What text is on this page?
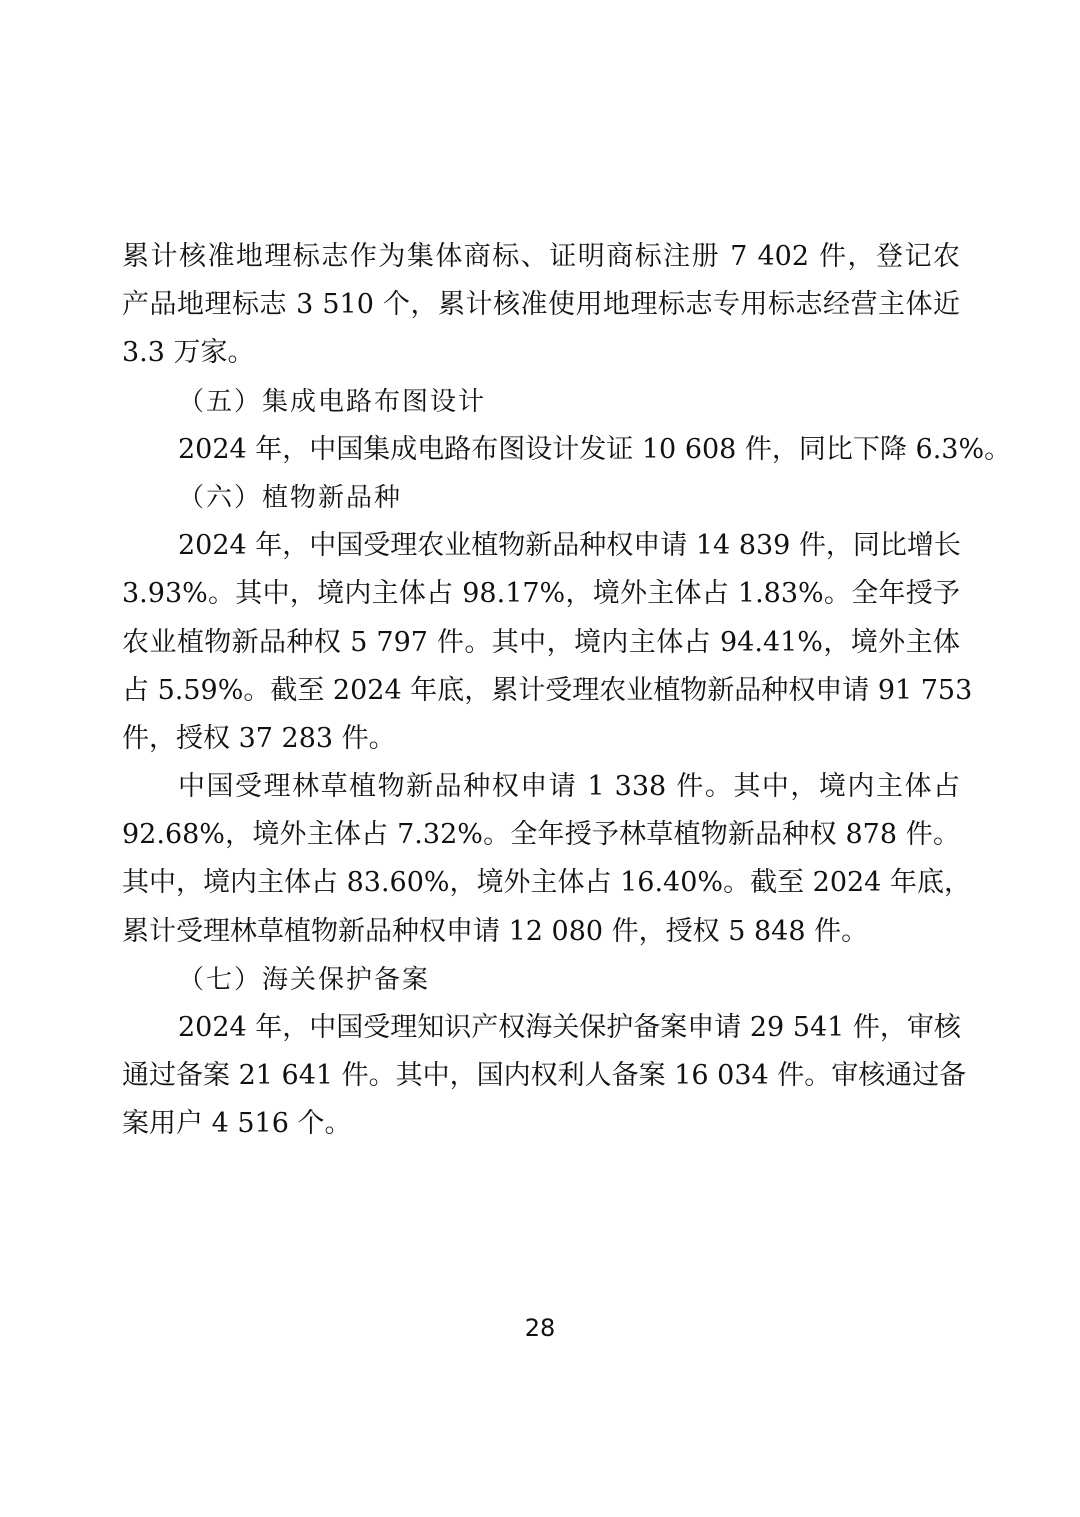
累计核准地理标志作为集体商标、证明商标注册 7 402 件，登记农
产品地理标志 3 510 个，累计核准使用地理标志专用标志经营主体近
3.3 万家。
（五）集成电路布图设计
2024 年，中国集成电路布图设计发证 10 608 件，同比下降 6.3%。
（六）植物新品种
2024 年，中国受理农业植物新品种权申请 14 839 件，同比增长
3.93%。其中，境内主体占 98.17%，境外主体占 1.83%。全年授予
农业植物新品种权 5 797 件。其中，境内主体占 94.41%，境外主体
占 5.59%。截至 2024 年底，累计受理农业植物新品种权申请 91 753
件，授权 37 283 件。
中国受理林草植物新品种权申请 1 338 件。其中，境内主体占
92.68%，境外主体占 7.32%。全年授予林草植物新品种权 878 件。
其中，境内主体占 83.60%，境外主体占 16.40%。截至 2024 年底，
累计受理林草植物新品种权申请 12 080 件，授权 5 848 件。
（七）海关保护备案
2024 年，中国受理知识产权海关保护备案申请 29 541 件，审核
通过备案 21 641 件。其中，国内权利人备案 16 034 件。审核通过备
案用户 4 516 个。
28
